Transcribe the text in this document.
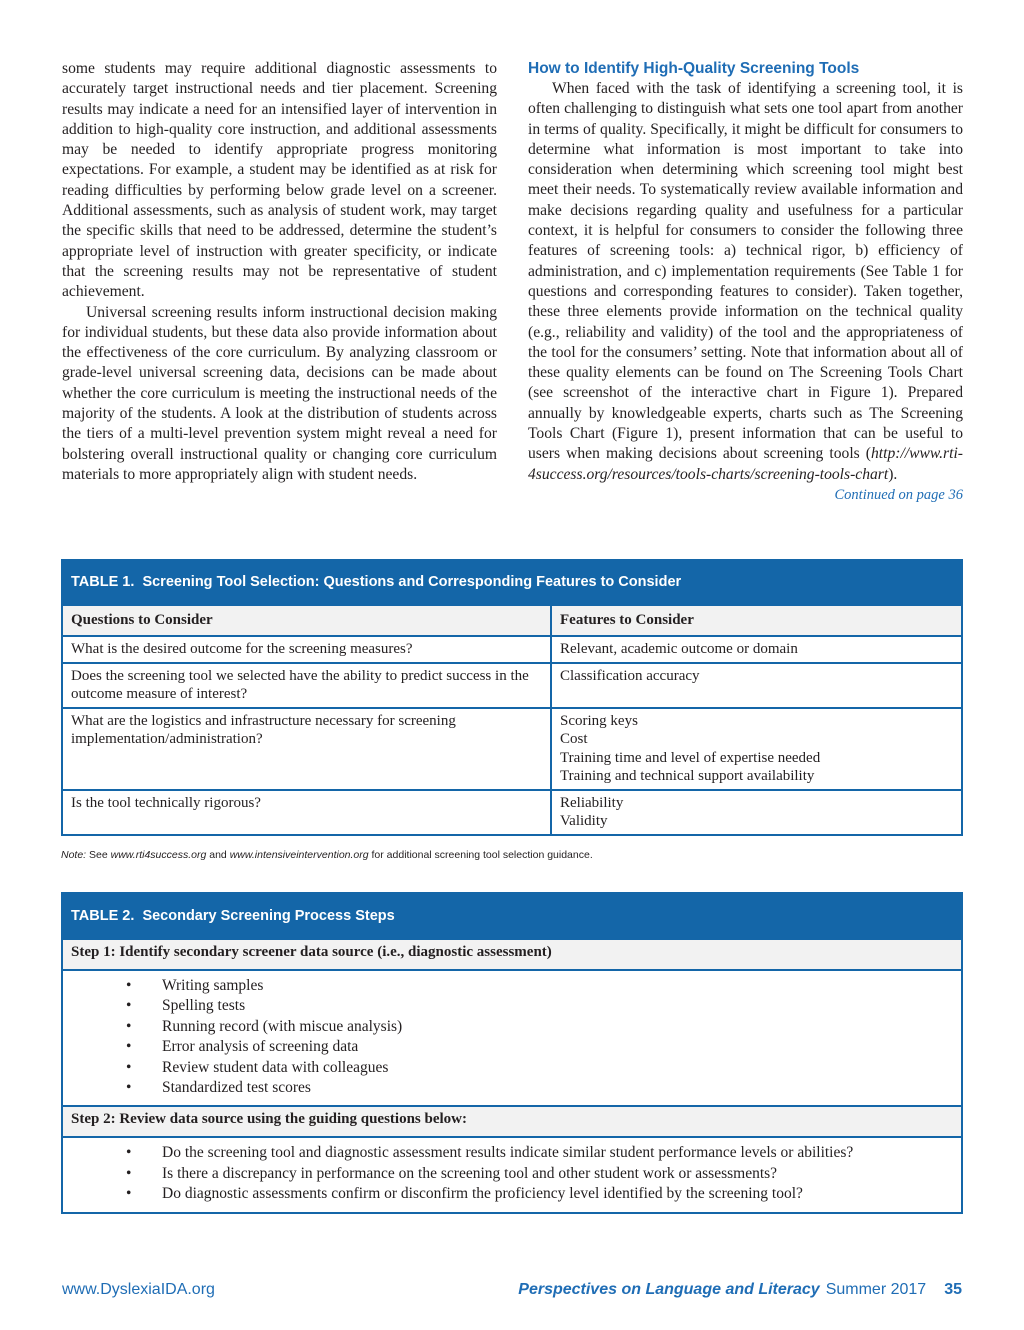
some students may require additional diagnostic assessments to accurately target instructional needs and tier placement. Screening results may indicate a need for an intensified layer of intervention in addition to high-quality core instruction, and additional assessments may be needed to identify appropriate progress monitoring expectations. For example, a student may be identified as at risk for reading difficulties by performing below grade level on a screener. Additional assessments, such as analysis of student work, may target the specific skills that need to be addressed, determine the student’s appropriate level of instruction with greater specificity, or indicate that the screening results may not be representative of student achievement.

Universal screening results inform instructional decision making for individual students, but these data also provide information about the effectiveness of the core curriculum. By analyzing classroom or grade-level universal screening data, decisions can be made about whether the core curriculum is meeting the instructional needs of the majority of the students. A look at the distribution of students across the tiers of a multi-level prevention system might reveal a need for bolstering overall instructional quality or changing core curriculum materials to more appropriately align with student needs.

How to Identify High-Quality Screening Tools

When faced with the task of identifying a screening tool, it is often challenging to distinguish what sets one tool apart from another in terms of quality. Specifically, it might be difficult for consumers to determine what information is most important to take into consideration when determining which screening tool might best meet their needs. To systematically review available information and make decisions regarding quality and usefulness for a particular context, it is helpful for consumers to consider the following three features of screening tools: a) technical rigor, b) efficiency of administration, and c) implementation requirements (See Table 1 for questions and corresponding features to consider). Taken together, these three elements provide information on the technical quality (e.g., reliability and validity) of the tool and the appropriateness of the tool for the consumers’ setting. Note that information about all of these quality elements can be found on The Screening Tools Chart (see screenshot of the interactive chart in Figure 1). Prepared annually by knowledgeable experts, charts such as The Screening Tools Chart (Figure 1), present information that can be useful to users when making decisions about screening tools (http://www.rti-4success.org/resources/tools-charts/screening-tools-chart).

Continued on page 36
TABLE 1. Screening Tool Selection: Questions and Corresponding Features to Consider	
Questions to Consider	Features to Consider
What is the desired outcome for the screening measures?	Relevant, academic outcome or domain

Does the screening tool we selected have the ability to predict success in the outcome measure of interest?	Classification accuracy

What are the logistics and infrastructure necessary for screening implementation/administration?	Scoring keys
Cost
Training time and level of expertise needed
Training and technical support availability

Is the tool technically rigorous?	Reliability
Validity
Note: See www.rti4success.org and www.intensiveintervention.org for additional screening tool selection guidance.
TABLE 2. Secondary Screening Process Steps
Step 1: Identify secondary screener data source (i.e., diagnostic assessment)

• Writing samples
• Spelling tests
• Running record (with miscue analysis)
• Error analysis of screening data
• Review student data with colleagues
• Standardized test scores

Step 2: Review data source using the guiding questions below:

• Do the screening tool and diagnostic assessment results indicate similar student performance levels or abilities?
• Is there a discrepancy in performance on the screening tool and other student work or assessments?
• Do diagnostic assessments confirm or disconfirm the proficiency level identified by the screening tool?
www.DyslexiaIDA.org	Perspectives on Language and Literacy Summer 2017 35
